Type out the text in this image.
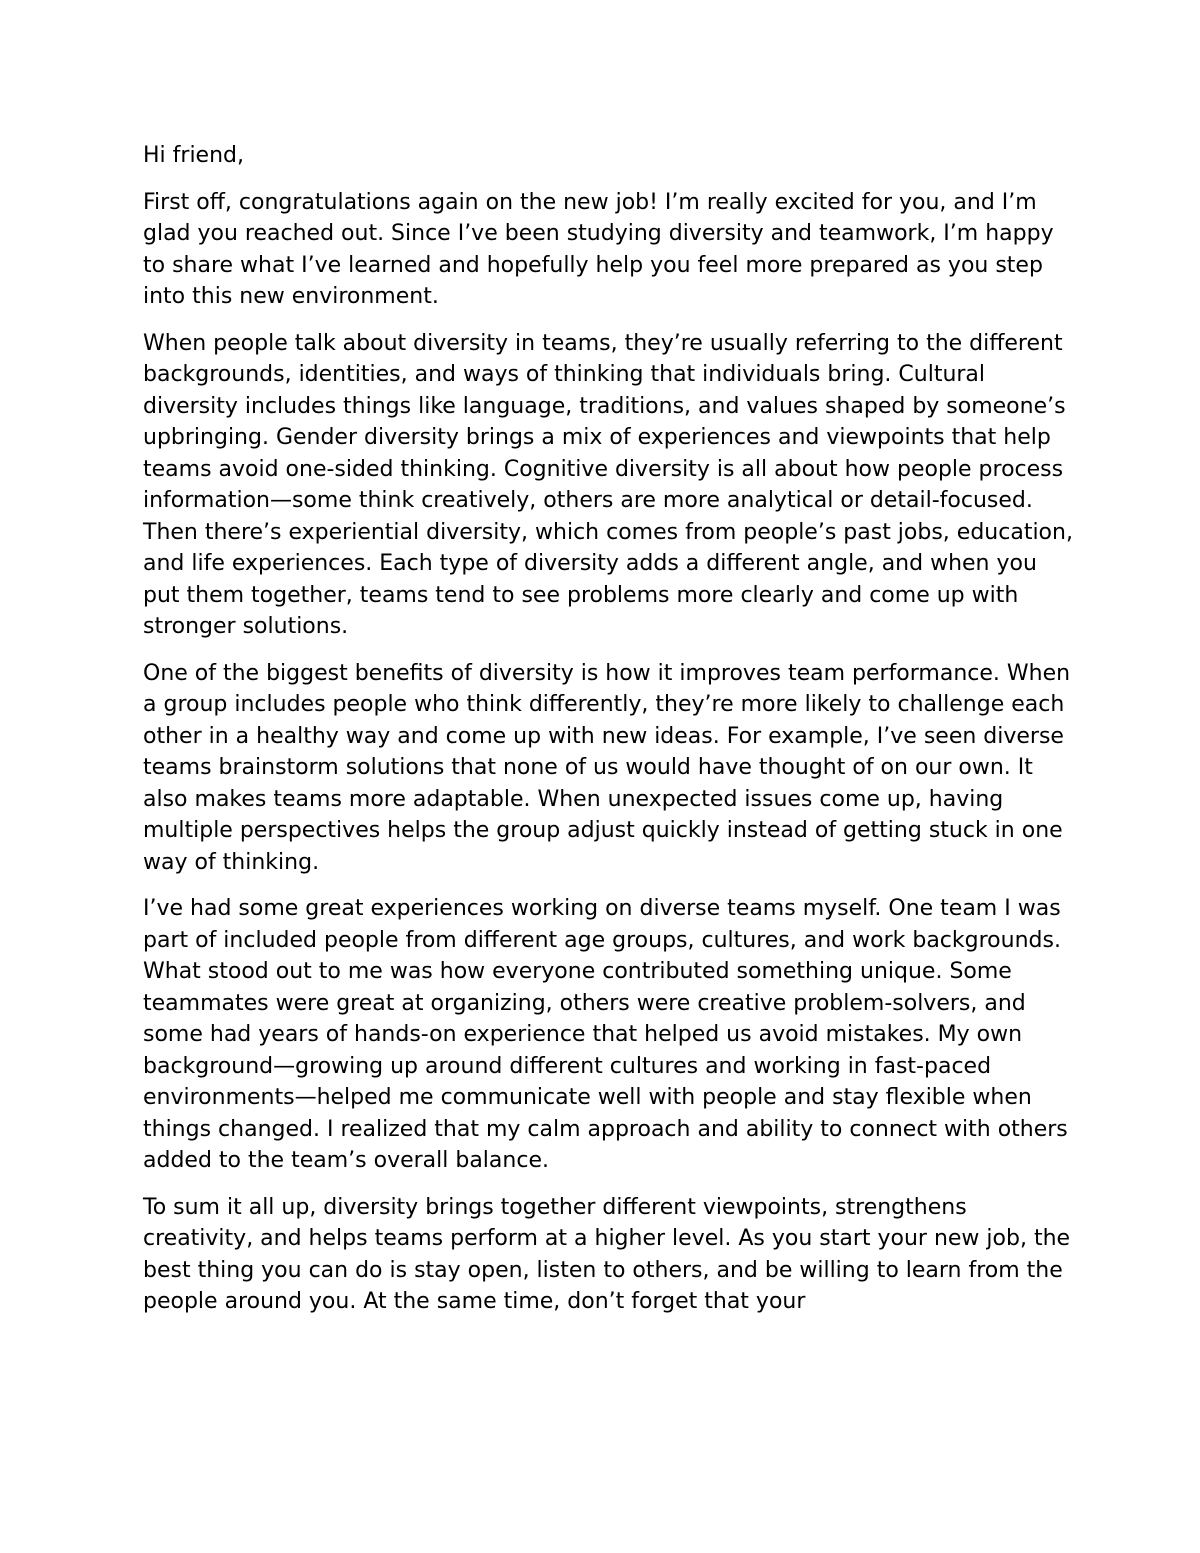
Hi friend,

First off, congratulations again on the new job! I’m really excited for you, and I’m glad you reached out. Since I’ve been studying diversity and teamwork, I’m happy to share what I’ve learned and hopefully help you feel more prepared as you step into this new environment.

When people talk about diversity in teams, they’re usually referring to the different backgrounds, identities, and ways of thinking that individuals bring. Cultural diversity includes things like language, traditions, and values shaped by someone’s upbringing. Gender diversity brings a mix of experiences and viewpoints that help teams avoid one-sided thinking. Cognitive diversity is all about how people process information—some think creatively, others are more analytical or detail-focused. Then there’s experiential diversity, which comes from people’s past jobs, education, and life experiences. Each type of diversity adds a different angle, and when you put them together, teams tend to see problems more clearly and come up with stronger solutions.

One of the biggest benefits of diversity is how it improves team performance. When a group includes people who think differently, they’re more likely to challenge each other in a healthy way and come up with new ideas. For example, I’ve seen diverse teams brainstorm solutions that none of us would have thought of on our own. It also makes teams more adaptable. When unexpected issues come up, having multiple perspectives helps the group adjust quickly instead of getting stuck in one way of thinking.

I’ve had some great experiences working on diverse teams myself. One team I was part of included people from different age groups, cultures, and work backgrounds. What stood out to me was how everyone contributed something unique. Some teammates were great at organizing, others were creative problem-solvers, and some had years of hands-on experience that helped us avoid mistakes. My own background—growing up around different cultures and working in fast-paced environments—helped me communicate well with people and stay flexible when things changed. I realized that my calm approach and ability to connect with others added to the team’s overall balance.

To sum it all up, diversity brings together different viewpoints, strengthens creativity, and helps teams perform at a higher level. As you start your new job, the best thing you can do is stay open, listen to others, and be willing to learn from the people around you. At the same time, don’t forget that your
